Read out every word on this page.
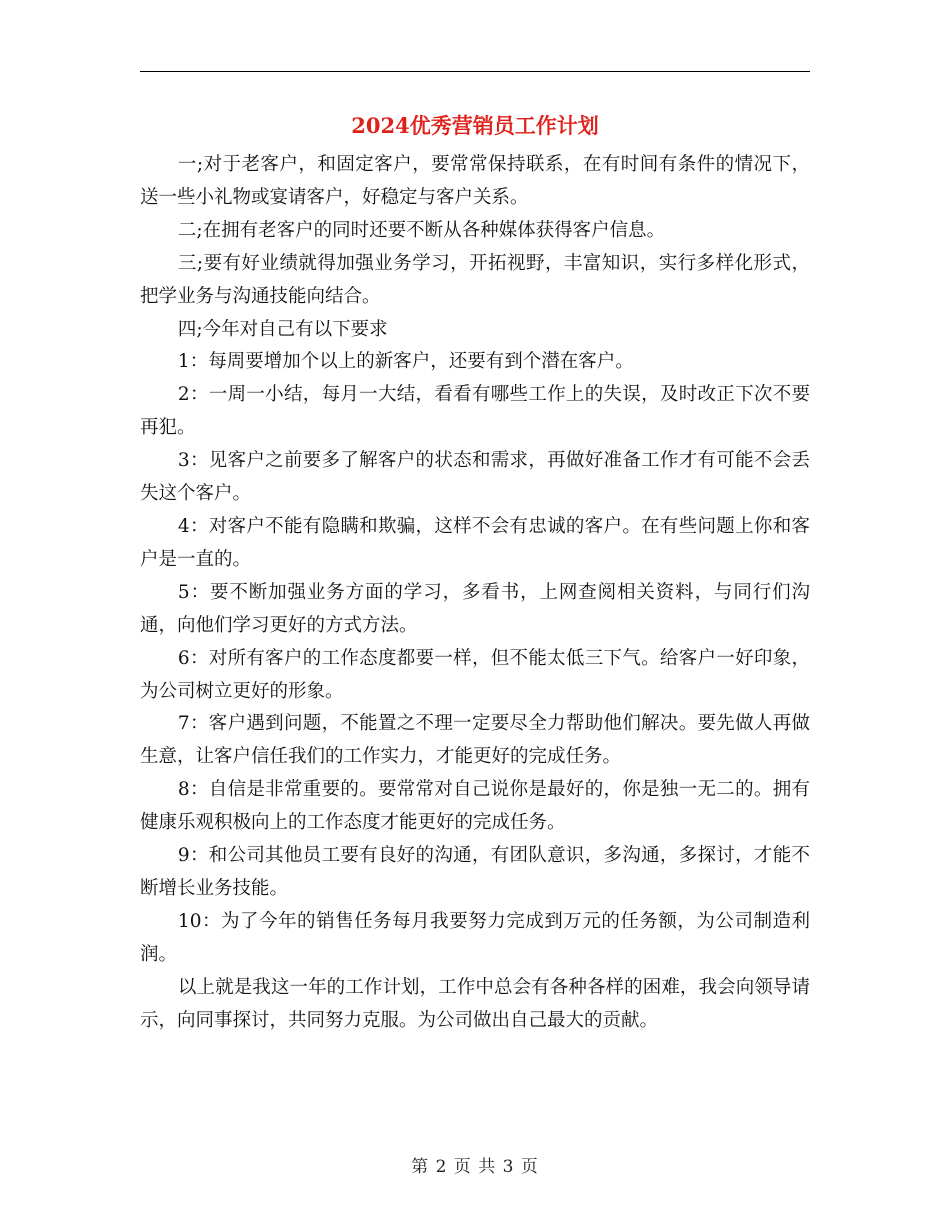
2024优秀营销员工作计划

一;对于老客户，和固定客户，要常常保持联系，在有时间有条件的情况下，送一些小礼物或宴请客户，好稳定与客户关系。

二;在拥有老客户的同时还要不断从各种媒体获得客户信息。

三;要有好业绩就得加强业务学习，开拓视野，丰富知识，实行多样化形式，把学业务与沟通技能向结合。

四;今年对自己有以下要求

1：每周要增加个以上的新客户，还要有到个潜在客户。

2：一周一小结，每月一大结，看看有哪些工作上的失误，及时改正下次不要再犯。

3：见客户之前要多了解客户的状态和需求，再做好准备工作才有可能不会丢失这个客户。

4：对客户不能有隐瞒和欺骗，这样不会有忠诚的客户。在有些问题上你和客户是一直的。

5：要不断加强业务方面的学习，多看书，上网查阅相关资料，与同行们沟通，向他们学习更好的方式方法。

6：对所有客户的工作态度都要一样，但不能太低三下气。给客户一好印象，为公司树立更好的形象。

7：客户遇到问题，不能置之不理一定要尽全力帮助他们解决。要先做人再做生意，让客户信任我们的工作实力，才能更好的完成任务。

8：自信是非常重要的。要常常对自己说你是最好的，你是独一无二的。拥有健康乐观积极向上的工作态度才能更好的完成任务。

9：和公司其他员工要有良好的沟通，有团队意识，多沟通，多探讨，才能不断增长业务技能。

10：为了今年的销售任务每月我要努力完成到万元的任务额，为公司制造利润。

以上就是我这一年的工作计划，工作中总会有各种各样的困难，我会向领导请示，向同事探讨，共同努力克服。为公司做出自己最大的贡献。

第 2 页 共 3 页
